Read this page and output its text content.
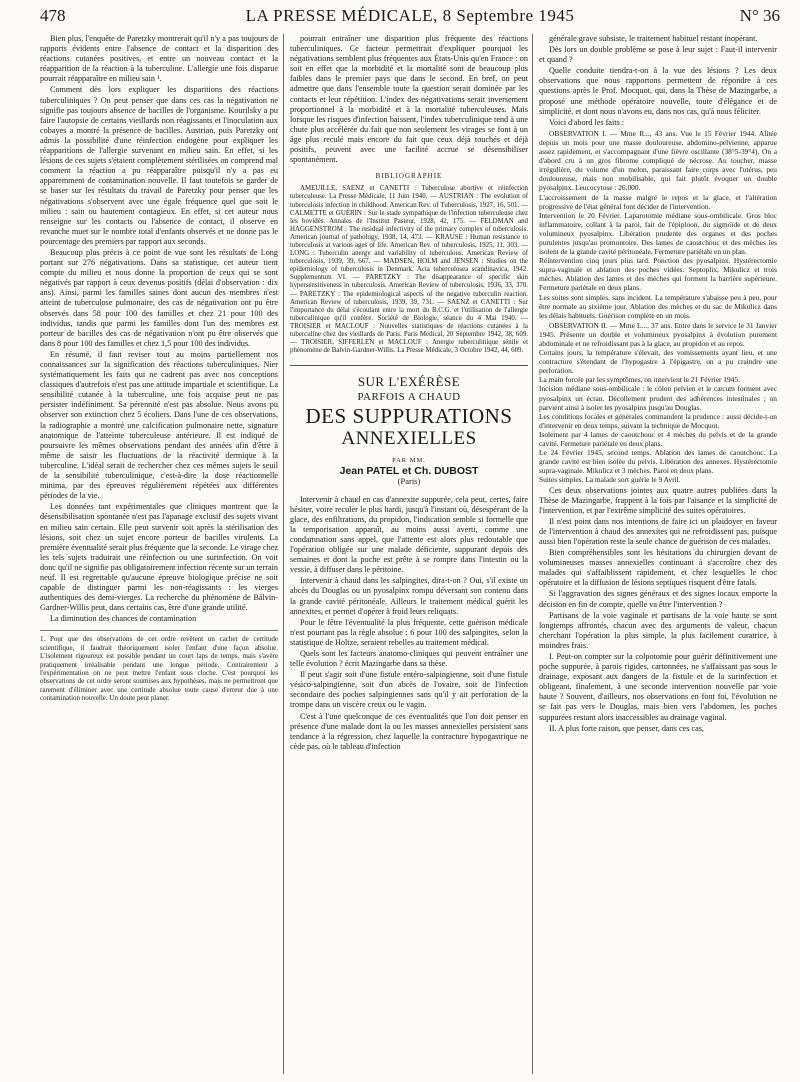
478	LA PRESSE MÉDICALE, 8 Septembre 1945	N° 36

Bien plus, l'enquête de Paretzky montrerait qu'il n'y a pas toujours de rapports évidents entre l'absence de contact et la disparition des réactions cutanées positives, et entre un nouveau contact et la réapparition de la réaction à la tuberculine. L'allergie une fois disparue pourrait réapparaître en milieu sain ¹.

Comment dès lors expliquer les disparitions des réactions tuberculiniques ? On peut penser que dans ces cas la négativation ne signifie pas toujours absence de bacilles de l'organisme. Kourilsky a pu faire l'autopsie de certains vieillards non réagissants et l'inoculation aux cobayes a montré la présence de bacilles. Austrian, puis Paretzky ont admis la possibilité d'une réinfection endogène pour expliquer les réapparitions de l'allergie survenant en milieu sain. En effet, si les lésions de ces sujets s'étaient complètement stérilisées on comprend mal comment la réaction a pu réapparaître puisqu'il n'y a pas eu apparemment de contamination nouvelle. Il faut toutefois se garder de se baser sur les résultats du travail de Paretzky pour penser que les négativations s'observent avec une égale fréquence quel que soit le milieu : sain ou hautement contagieux. En effet, si cet auteur nous renseigne sur les contacts ou l'absence de contact, il observe en revanche muet sur le nombre total d'enfants observés et ne donne pas le pourcentage des premiers par rapport aux seconds.

Beaucoup plus précis à ce point de vue sont les résultats de Long portant sur 276 négativations. Dans sa statistique, cet auteur tient compte du milieu et nous donne la proportion de ceux qui se sont négativés par rapport à ceux devenus positifs (délai d'observation : dix ans). Ainsi, parmi les familles saines dont aucun des membres n'est atteint de tuberculose pulmonaire, des cas de négativation ont pu être observés dans 58 pour 100 des familles et chez 21 pour 100 des individus, tandis que parmi les familles dont l'un des membres est porteur de bacilles des cas de négativation n'ont pu être observés que dans 8 pour 100 des familles et chez 1,5 pour 100 des individus.

En résumé, il faut reviser tout au moins partiellement nos connaissances sur la signification des réactions tuberculiniques. Nier systématiquement les faits qui ne cadrent pas avec nos conceptions classiques d'autrefois n'est pas une attitude impartiale et scientifique. La sensibilité cutanée à la tuberculine, une fois acquise peut ne pas persister indéfiniment. Sa pérennité n'est pas absolue. Nous avons pu observer son extinction chez 5 écoliers. Dans l'une de ces observations, la radiographie a montré une calcification pulmonaire nette, signature anatomique de l'atteinte tuberculeuse antérieure. Il est indiqué de poursuivre les mêmes observations pendant des années afin d'être à même de saisir les fluctuations de la réactivité dermique à la tuberculine. L'idéal serait de rechercher chez ces mêmes sujets le seuil de la sensibilité tuberculinique, c'est-à-dire la dose réactionnelle minima, par des épreuves régulièrement répétées aux différentes périodes de la vie.

Les données tant expérimentales que cliniques montrent que la désensibilisation spontanée n'est pas l'apanage exclusif des sujets vivant en milieu sain certain. Elle peut survenir soit après la stérilisation des lésions, soit chez un sujet encore porteur de bacilles virulents. La première éventualité serait plus fréquente que la seconde. Le virage chez les tels sujets traduirait une réinfection ou une surinfection. On voit donc qu'il ne signifie pas obligatoirement infection récente sur un terrain neuf. Il est regrettable qu'aucune épreuve biologique précise ne soit capable de distinguer parmi les non-réagissants : les vierges authentiques des demi-vierges. La recherche du phénomène de Bålvin-Gardner-Willis peut, dans certains cas, être d'une grande utilité.

La diminution des chances de contamination

1. Pour que des observations de cet ordre revêtent un cachet de certitude scientifique, il faudrait théoriquement isoler l'enfant d'une façon absolue. L'isolement rigoureux est possible pendant un court laps de temps, mais s'avère pratiquement irréalisable pendant une longue période. Contrairement à l'expérimentation on ne peut mettre l'enfant sous cloche. C'est pourquoi les observations de cet ordre seront soumises aux hypothèses, mais ne permettront que rarement d'éliminer avec une certitude absolue toute cause d'erreur due à une contamination nouvelle. Un doute peut planer.

pourrait entraîner une disparition plus fréquente des réactions tuberculiniques. Ce facteur permettrait d'expliquer pourquoi les négativations semblent plus fréquentes aux États-Unis qu'en France : on soit en effet que la morbidité et la mortalité sont de beaucoup plus faibles dans le premier pays que dans le second. En bref, on peut admettre que dans l'ensemble toute la question serait dominée par les contacts et leur répétition. L'index des négativations serait inversement proportionnel à la morbidité et à la mortalité tuberculeuses. Mais lorsque les risques d'infection baissent, l'index tuberculinique tend à une chute plus accélérée du fait que non seulement les virages se font à un âge plus reculé mais encore du fait que ceux déjà touchés et déjà positifs, peuvent avec une facilité accrue se désensibiliser spontanément.

BIBLIOGRAPHIE

AMEUILLE, SAENZ et CANETTI : Tuberculose abortive et réinfection tuberculeuse. La Presse Médicale, 11 Juin 1940. — AUSTRIAN : The evolution of tuberculosis infection in childhood. American Rev. of Tuberculosis, 1927, 16, 501. — CALMETTE et GUÉRIN : Sur le stade sympathique de l'infection tuberculeuse chez les bovidés. Annales de l'Institut Pasteur, 1928, 42, 175. — FELDMAN and HAGGENSTROM : The residual infectivity of the primary complex of tuberculosis. American journal of pathology, 1938, 14, 473. — KRAUSE : Human resistance to tuberculosis at various ages of life. American Rev. of tuberculosis, 1925, 11, 303. — LONG : Tuberculin anergy and variability of tuberculous. American Review of tuberculosis, 1939, 39, 667. — MADSEN, HOLM and JENSEN : Studies on the epidemiology of tuberculosis in Denmark. Acta tuberculosea scandinavica, 1942. Supplementum VI. — PARETZKY : The disappearance of specific skin hypersensitiveness in tuberculosis. American Review of tuberculosis, 1936, 33, 370. — PARETZKY : The epidemiological aspects of the negative tuberculin reaction. American Review of tuberculosis, 1939, 39, 731. — SAENZ et CANETTI : Sur l'importance du délai s'écoulant entre la mort du B.C.G. et l'utilisation de l'allergie tuberculinique qu'il confère. Société de Biologie, séance du 4 Mai 1940. — TROISIER et MACLOUF : Nouvelles statistiques de réactions cutanées à la tuberculine chez des vieillards de Paris. Paris Médical, 20 Septembre 1942, 38, 609. — TROISIER, SIFFERLEN et MACLOUF : Anergie tuberculinique sénile et phénomène de Balvin-Gardner-Willis. La Presse Médicale, 3 Octobre 1942, 44, 609.

SUR L'EXÉRÈSE
PARFOIS A CHAUD
DES SUPPURATIONS
ANNEXIELLES
PAR MM.
Jean PATEL et Ch. DUBOST
(Paris)

Intervenir à chaud en cas d'annexite suppurée, cela peut, certes, faire hésiter, voire reculer le plus hardi, jusqu'à l'instant où, désespérant de la glace, des enfiltrations, du propidon, l'indication semble si formelle que la temporisation apparaît, au moins aussi averti, comme une condamnation sans appel, que l'attente est alors plus redoutable que l'opération obligée sur une malade déficiente, suppurant depuis des semaines et dont la poche est prête à se rompre dans l'intestin ou la vessie, à diffuser dans le péritoine.

Intervenir à chaud dans les salpingites, dira-t-on ? Oui, s'il existe un abcès du Douglas ou un pyosalpinx rompu déversant son contenu dans la grande cavité péritonéale. Ailleurs le traitement médical guérit les annexites, et permet d'opérer à froid leurs reliquats.

Pour le fêtre l'éventualité la plus fréquente, cette guérison médicale n'est pourtant pas la règle absolue : 6 pour 100 des salpingites, selon la statistique de Holtze, seraient rebelles au traitement médical.

Quels sont les facteurs anatomo-cliniques qui peuvent entraîner une telle évolution ? écrit Mazingarbe dans sa thèse.

Il peut s'agir soit d'une fistule entéro-salpingienne, soit d'une fistule vésico-salpingienne, soit d'un abcès de l'ovaire, soit de l'infection secondaire des poches salpingiennes sans qu'il y ait perforation de la trompe dans un viscère creux ou le vagin.

C'est à l'une quelconque de ces éventualités que l'on doit penser en présence d'une malade dont la ou les masses annexielles persistent sans tendance à la régression, chez laquelle la contracture hypogastrique ne cède pas, où le tableau d'infection

générale grave subsiste, le traitement habituel restant inopérant.

Dès lors un double problème se pose à leur sujet : Faut-il intervenir et quand ?

Quelle conduite tiendra-t-on à la vue des lésions ? Les deux observations que nous rapportons permettent de répondre à ces questions après le Prof. Mocquot, qui, dans la Thèse de Mazingarbe, a proposé une méthode opératoire nouvelle, toute d'élégance et de simplicité, et dont nous n'avons eu, dans nos cas, qu'à nous féliciter.

Voici d'abord les faits :

OBSERVATION I. — Mme R..., 43 ans. Vue le 15 Février 1944. Alitée depuis un mois pour une masse douloureuse, abdomino-pelvienne, apparue assez rapidement, et s'accompagnant d'une fièvre oscillante (38°5-39°4). On a d'abord cru à un gros fibrome compliqué de nécrose. Au toucher, masse irrégulière, du volume d'un melon, paraissant faire corps avec l'utérus, peu douloureuse, mais non mobilisable, qui fait plutôt évoquer un double pyosalpinx. Leucocytose : 26.000.
L'accroissement de la masse malgré le repos et la glace, et l'altération progressive de l'état général font décider de l'intervention.
Intervention le 20 Février. Laparotomie médiane sous-ombilicale. Gros bloc inflammatoire, collant à la paroi, fait de l'épiploon, du sigmoïde et de deux volumineux pyosalpinx. Libération prudente des organes et des poches purulentes jusqu'au promontoire. Des lames de caoutchouc et des mèches les isolent de la grande cavité péritonéale. Fermeture pariétale en un plan.
Réintervention cinq jours plus tard. Ponction des pyosalpinx. Hystérectomie supra-vaginale et ablation des poches vidées. Septoplix, Mikulicz et trois mèches. Ablation des lames et des mèches qui forment la barrière supérieure. Fermeture pariétale en deux plans.
Les suites sont simples, sans incident. La température s'abaisse peu à peu, pour être normale au sixième jour. Ablation des mèches et du sac de Mikulicz dans les délais habituels. Guérison complète en un mois.

OBSERVATION II. — Mme L..., 37 ans. Entre dans le service le 31 Janvier 1945. Présente un double et volumineux pyosalpinx à évolution purement abdominale et ne refroidissant pas à la glace, au propidon et au repos.
Certains jours, la température s'élevait, des vomissements ayant lieu, et une contracture s'étendant de l'hypogastre à l'épigastre, on a pu craindre une perforation.
La main forcée par les symptômes, on intervient le 21 Février 1945.
Incision médiane sous-ombilicale : le côlon pelvien et le cæcum forment avec pyosalpinx un écran. Décollement prudent des adhérences intestinales ; on parvient ainsi à isoler les pyosalpinx jusqu'au Douglas.
Les conditions locales et générales commandent la prudence : aussi décide-t-on d'intervenir en deux temps, suivant la technique de Mocquot.
Isolement par 4 lames de caoutchouc et 4 mèches du pelvis et de la grande cavité. Fermeture pariétale en deux plans.
Le 24 Février 1945, second temps. Ablation des lames de caoutchouc. La grande cavité est bien isolée du pelvis. Libération des annexes. Hystérectomie supra-vaginale. Mikulicz et 3 mèches. Paroi en deux plans.
Suites simples. La malade sort guérie le 9 Avril.

Ces deux observations jointes aux quatre autres publiées dans la Thèse de Mazingarbe, frappent à la fois par l'aisance et la simplicité de l'intervention, et par l'extrême simplicité des suites opératoires.

Il n'est point dans nos intentions de faire ici un plaidoyer en faveur de l'intervention à chaud des annexites qui ne refroidissent pas, puisque aussi bien l'opération reste la seule chance de guérison de ces malades.

Bien compréhensibles sont les hésitations du chirurgien devant de volumineuses masses annexielles continuant à s'accroître chez des malades qui s'affaiblissent rapidement, et chez lesquelles le choc opératoire et la diffusion de lésions septiques risquent d'être fatals.

Si l'aggravation des signes généraux et des signes locaux emporte la décision en fin de compte, quelle va être l'intervention ?

Partisans de la voie vaginale et partisans de la voie haute se sont longtemps affrontés, chacun avec des arguments de valeur, chacun cherchant l'opération la plus simple, la plus facilement curatrice, à moindres frais.

I. Peut-on compter sur la colpotomie pour guérir définitivement une poche suppurée, à parois rigides, cartonnées, ne s'affaissant pas sous le drainage, exposant aux dangers de la fistule et de la surinfection et obligeant, finalement, à une seconde intervention nouvelle par voie haute ? Souvent, d'ailleurs, nos observations en font foi, l'évolution ne se fait pas vers le Douglas, mais bien vers l'abdomen, les poches suppurées restant alors inaccessibles au drainage vaginal.

II. A plus forte raison, que penser, dans ces cas,
